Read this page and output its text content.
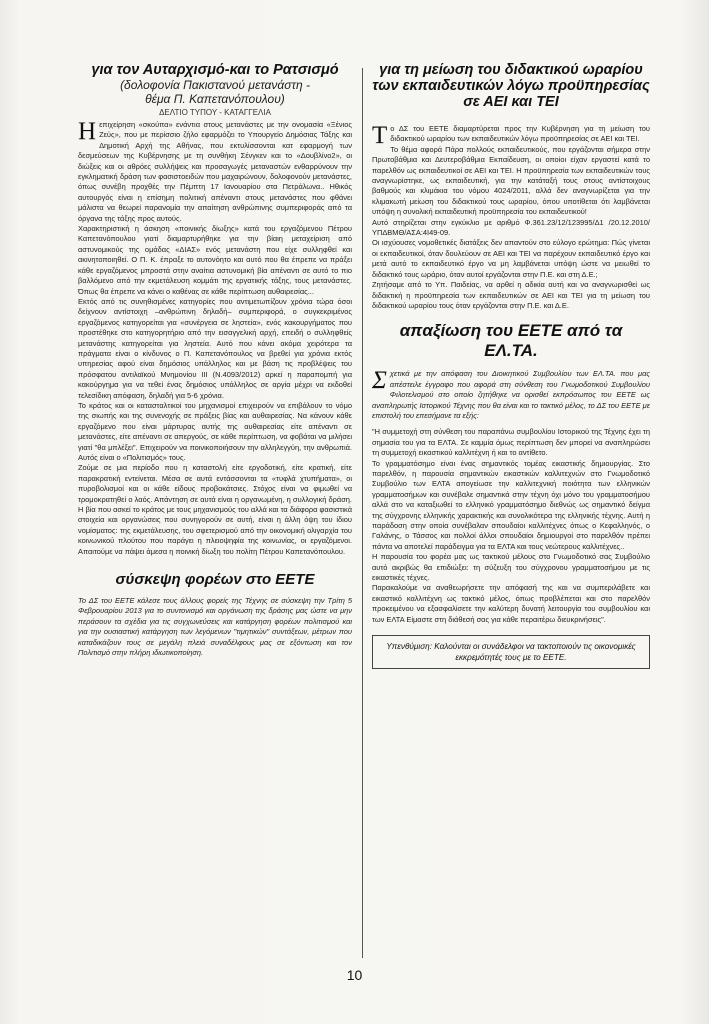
για τον Αυταρχισμό-και το Ρατσισμό
(δολοφονία Πακιστανού μετανάστη -
θέμα Π. Καπετανόπουλου)
ΔΕΛΤΙΟ ΤΥΠΟΥ - ΚΑΤΑΓΓΕΛΙΑ

Ηεπιχείρηση «σκούπα» ενάντια στους μετανάστες με την ονομασία «Ξένιος Ζεύς», που με περίσσιο ζήλο εφαρμόζει το Υπουργείο Δημόσιας Τάξης και Δημοτική Αρχή της Αθήνας, που εκτυλίσσονται κατ εφαρμογή των δεσμεύσεων της Κυβέρνησης με τη συνθήκη Σένγκεν και το «Δουβλίνο2», οι διώξεις και οι αθρόες συλλήψεις και προσαγωγές μεταναστών ενθαρρύνουν την εγκληματική δράση των φασιστοειδών που μαχαιρώνουν, δολοφονούν μετανάστες, όπως συνέβη προχθές την Πέμπτη 17 Ιανουαρίου στα Πετράλωνα.. Ηθικός αυτουργός είναι η επίσημη πολιτική απέναντι στους μετανάστες που φθάνει μάλιστα να θεωρεί παρανομία την απαίτηση ανθρώπινης συμπεριφοράς από τα όργανα της τάξης προς αυτούς.

Χαρακτηριστική η άσκηση «ποινικής δίωξης» κατά του εργαζόμενου Πέτρου Καπετανόπουλου γιατί διαμαρτυρήθηκε για την βίαιη μεταχείριση από αστυνομικούς της ομάδας «ΔΙΑΣ» ενός μετανάστη που είχε συλληφθεί και ακινητοποιηθεί. Ο Π. Κ. έπραξε το αυτονόητο και αυτό που θα έπρεπε να πράξει κάθε εργαζόμενος μπροστά στην αναίτια αστυνομική βία απέναντι σε αυτό το πιο βαλλόμενο από την εκμετάλευση κομμάτι της εργατικής τάξης, τους μετανάστες. Όπως θα έπρεπε να κάνει ο καθένας σε κάθε περίπτωση αυθαιρεσίας...

Εκτός από τις συνηθισμένες κατηγορίες που αντιμετωπίζουν χρόνια τώρα όσοι δείχνουν αντίστοιχη –ανθρώπινη δηλαδή– συμπεριφορά, ο συγκεκριμένος εργαζόμενος κατηγορείται για «συνέργεια σε ληστεία», ενός κακουργήματος που προστέθηκε στο κατηγορητήριο από την εισαγγελική αρχή, επειδή ο συλληφθείς μετανάστης κατηγορείται για ληστεία. Αυτό που κάνει ακόμα χειρότερα τα πράγματα είναι ο κίνδυνος ο Π. Καπετανόπουλος να βρεθεί για χρόνια εκτός υπηρεσίας αφού είναι δημόσιος υπάλληλος και με βάση τις προβλέψεις του πρόσφατου αντιλαϊκού Μνημονίου ΙΙΙ (Ν.4093/2012) αρκεί η παραπομπή για κακούργημα για να τεθεί ένας δημόσιος υπάλληλος σε αργία μέχρι να εκδοθεί τελεσίδικη απόφαση, δηλαδή για 5-6 χρόνια.

Το κράτος και οι κατασταλτικοί του μηχανισμοί επιχειρούν να επιβάλουν το νόμο της σιωπής και της συνενοχής σε πράξεις βίας και αυθαιρεσίας. Να κάνουν κάθε εργαζόμενο που είναι μάρτυρας αυτής της αυθαιρεσίας είτε απέναντι σε μετανάστες, είτε απέναντι σε απεργούς, σε κάθε περίπτωση, να φοβάται να μιλήσει γιατί "θα μπλέξει". Επιχειρούν να ποινικοποιήσουν την αλληλεγγύη, την ανθρωπιά. Αυτός είναι ο «Πολιτισμός» τους.

Ζούμε σε μια περίοδο που η καταστολή είτε εργοδοτική, είτε κρατική, είτε παρακρατική εντείνεται. Μέσα σε αυτά εντάσσονται τα «τυφλά χτυπήματα», οι πυροβολισμοί και οι κάθε είδους προβοκάτσιες. Στόχος είναι να φιμωθεί να τρομοκρατηθεί ο λαός. Απάντηση σε αυτά είναι η οργανωμένη, η συλλογική δράση. Η βία που ασκεί το κράτος με τους μηχανισμούς του αλλά και τα διάφορα φασιστικά στοιχεία και οργανώσεις που συνηγορούν σε αυτή, είναι η άλλη όψη του ίδιου νομίσματος: της εκμετάλευσης, του σφετερισμού από την οικονομική ολιγαρχία του κοινωνικού πλούτου που παράγει η πλειοψηφία της κοινωνίας, οι εργαζόμενοι. Απαιτούμε να πάψει άμεσα η ποινική δίωξη του πολίτη Πέτρου Καπετανόπουλου.

σύσκεψη φορέων στο ΕΕΤΕ

Το ΔΣ του ΕΕΤΕ κάλεσε τους άλλους φορείς της Τέχνης σε σύσκεψη την Τρίτη 5 Φεβρουαρίου 2013 για το συντονισμό και οργάνωση της δράσης μας ώστε να μην περάσουν τα σχέδια για τις συγχωνεύσεις και κατάργηση φορέων πολιτισμού και για την ουσιαστική κατάργηση των λεγόμενων "τιμητικών" συντάξεων, μέτρων που καταδικάζουν τους σε μεγάλη πλειά συναδέλφους μας σε εξόντωση και τον Πολιτισμό στην πλήρη ιδιωτικοποίηση.

για τη μείωση του διδακτικού ωραρίου
των εκπαιδευτικών λόγω προϋπηρεσίας
σε ΑΕΙ και ΤΕΙ

Το ΔΣ του ΕΕΤΕ διαμαρτύρεται προς την Κυβέρνηση για τη μείωση του διδακτικού ωραρίου των εκπαιδευτικών λόγω προϋπηρεσίας σε ΑΕΙ και ΤΕΙ.

Το θέμα αφορά Πάρα πολλούς εκπαιδευτικούς, που εργάζονται σήμερα στην Πρωτοβάθμια και Δευτεροβάθμια Εκπαίδευση, οι οποίοι είχαν εργαστεί κατά το παρελθόν ως εκπαιδευτικοί σε ΑΕΙ και ΤΕΙ. Η προϋπηρεσία των εκπαιδευτικών τους αναγνωρίστηκε, ως εκπαιδευτική, για την κατάταξή τους στους αντίστοιχους βαθμούς και κλιμάκια του νόμου 4024/2011, αλλά δεν αναγνωρίζεται για την κλιμακωτή μείωση του διδακτικού τους ωραρίου, όπου υποτίθεται ότι λαμβάνεται υπόψη η συνολική εκπαιδευτική προϋπηρεσία του εκπαιδευτικού!

Αυτό στηρίζεται στην εγκύκλιο με αριθμό Φ.361.23/12/123995/Δ1 /20.12.2010/ ΥΠΔΒΜΘ/ΑΣΑ:4Ι49-09.

Οι ισχύουσες νομοθετικές διατάξεις δεν απαντούν στο εύλογο ερώτημα: Πώς γίνεται οι εκπαιδευτικοί, όταν δουλεύουν σε ΑΕΙ και ΤΕΙ να παρέχουν εκπαιδευτικό έργο και μετά αυτό το εκπαιδευτικό έργο να μη λαμβάνεται υπόψη ώστε να μειωθεί το διδακτικό τους ωράριο, όταν αυτοί εργάζονται στην Π.Ε. και στη Δ.Ε.;

Ζητήσαμε από το Υπ. Παιδείας, να αρθεί η αδικία αυτή και να αναγνωρισθεί ως διδακτική η προϋπηρεσία των εκπαιδευτικών σε ΑΕΙ και ΤΕΙ για τη μείωση του διδακτικού ωραρίου τους όταν εργάζονται στην Π.Ε. και Δ.Ε.

απαξίωση του ΕΕΤΕ από τα ΕΛ.ΤΑ.

Σχετικά με την απόφαση του Διοικητικού Συμβουλίου των ΕΛ.ΤΑ. που μας απέστειλε έγγραφο που αφορά στη σύνθεση του Γνωμοδοτικού Συμβουλίου Φιλοτελισμού στο οποίο ζητήθηκε να ορισθεί εκπρόσωπος του ΕΕΤΕ ως αναπληρωτής Ιστορικού Τέχνης που θα είναι και το τακτικό μέλος, το ΔΣ του ΕΕΤΕ με επιστολή του επεσήμανε τα εξής:

"Η συμμετοχή στη σύνθεση του παραπάνω συμβουλίου Ιστορικού της Τέχνης έχει τη σημασία του για τα ΕΛΤΑ. Σε καμμία όμως περίπτωση δεν μπορεί να αναπληρώσει τη συμμετοχή εικαστικού καλλιτέχνη ή και το αντίθετο.

Το γραμματόσημο είναι ένας σημαντικός τομέας εικαστικής δημιουργίας. Στο παρελθόν, η παρουσία σημαντικών εικαστικών καλλιτεχνών στο Γνωμοδοτικό Συμβούλιο των ΕΛΤΑ απογείωσε την καλλιτεχνική ποιότητα των ελληνικών γραμματοσήμων και συνέβαλε σημαντικά στην τέχνη όχι μόνο του γραμματοσήμου αλλά στο να καταξιωθεί το ελληνικό γραμματόσημο διεθνώς ως σημαντικό δείγμα της σύγχρονης ελληνικής χαρακτικής και συνολικότερα της ελληνικής τέχνης. Αυτή η παράδοση στην οποία συνέβαλαν σπουδαίοι καλλιτέχνες όπως ο Κεφαλληνός, ο Γαλάνης, ο Τάσσος και πολλοί άλλοι σπουδαίοι δημιουργοί στο παρελθόν πρέπει πάντα να αποτελεί παράδειγμα για τα ΕΛΤΑ και τους νεώτερους καλλιτέχνες..

Η παρουσία του φορέα μας ως τακτικού μέλους στο Γνωμοδοτικό σας Συμβούλιο αυτό ακριβώς θα επιδιώξει: τη σύζευξη του σύγχρονου γραμματοσήμου με τις εικαστικές τέχνες.

Παρακαλούμε να αναθεωρήσετε την απόφασή της και να συμπεριλάβετε και εικαστικό καλλιτέχνη ως τακτικό μέλος, όπως προβλέπεται και στο παρελθόν προκειμένου να εξασφαλίσετε την καλύτερη δυνατή λειτουργία του συμβουλίου και των ΕΛΤΑ Είμαστε στη διάθεσή σας για κάθε περαιτέρω διευκρινήσεις".

Υπενθύμιση: Καλούνται οι συνάδελφοι να τακτοποιούν τις οικονομικές εκκρεμότητές τους με το ΕΕΤΕ.
10
